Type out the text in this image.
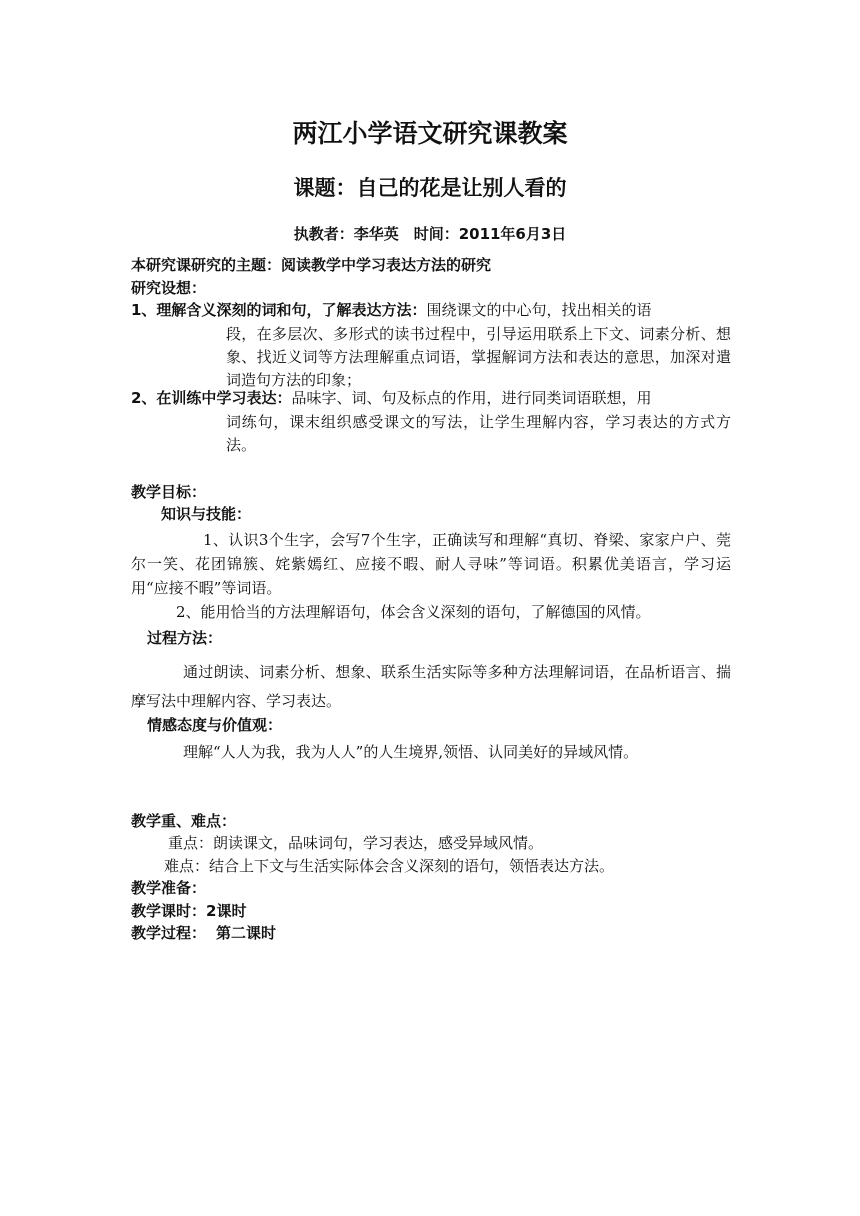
两江小学语文研究课教案
课题：自己的花是让别人看的
执教者：李华英　时间：2011年6月3日
本研究课研究的主题：阅读教学中学习表达方法的研究
研究设想：
1、理解含义深刻的词和句，了解表达方法：围绕课文的中心句，找出相关的语
段，在多层次、多形式的读书过程中，引导运用联系上下文、词素分析、想象、找近义词等方法理解重点词语，掌握解词方法和表达的意思，加深对遣词造句方法的印象；
2、在训练中学习表达：品味字、词、句及标点的作用，进行同类词语联想，用
词练句，课末组织感受课文的写法，让学生理解内容，学习表达的方式方法。
教学目标：
知识与技能：
1、认识3个生字，会写7个生字，正确读写和理解“真切、脊梁、家家户户、莞尔一笑、花团锦簇、姹紫嫣红、应接不暇、耐人寻味”等词语。积累优美语言，学习运用“应接不暇”等词语。
2、能用恰当的方法理解语句，体会含义深刻的语句，了解德国的风情。
过程方法：
通过朗读、词素分析、想象、联系生活实际等多种方法理解词语，在品析语言、揣摩写法中理解内容、学习表达。
情感态度与价值观：
理解“人人为我，我为人人”的人生境界,领悟、认同美好的异域风情。
教学重、难点：
重点：朗读课文，品味词句，学习表达，感受异域风情。
难点：结合上下文与生活实际体会含义深刻的语句，领悟表达方法。
教学准备：
教学课时：2课时
教学过程： 第二课时
